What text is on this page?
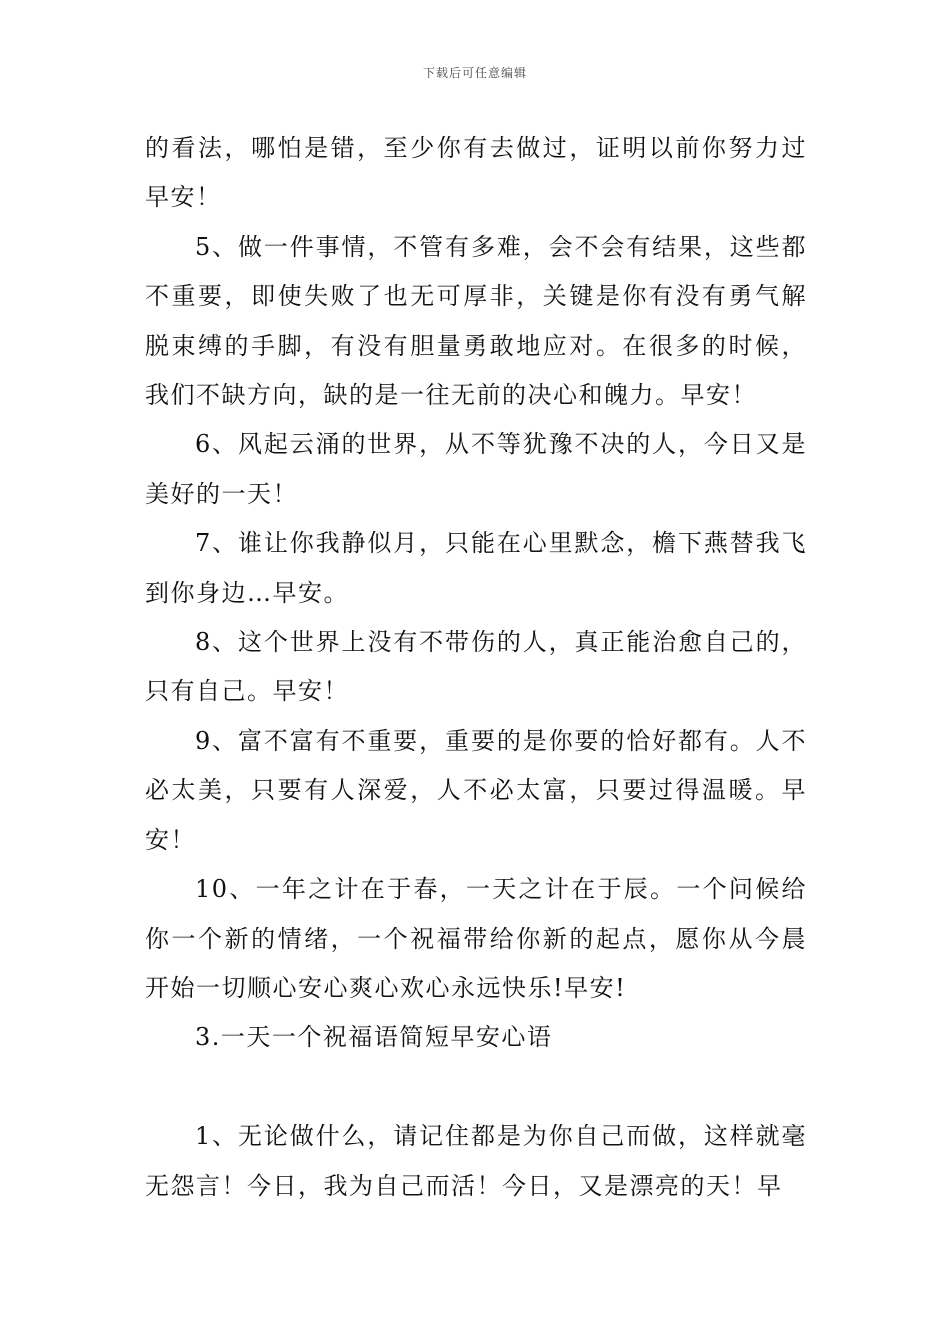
下载后可任意编辑

的看法，哪怕是错，至少你有去做过，证明以前你努力过早安！

5、做一件事情，不管有多难，会不会有结果，这些都不重要，即使失败了也无可厚非，关键是你有没有勇气解脱束缚的手脚，有没有胆量勇敢地应对。在很多的时候，我们不缺方向，缺的是一往无前的决心和魄力。早安！

6、风起云涌的世界，从不等犹豫不决的人，今日又是美好的一天！

7、谁让你我静似月，只能在心里默念，檐下燕替我飞到你身边…早安。

8、这个世界上没有不带伤的人，真正能治愈自己的，只有自己。早安！

9、富不富有不重要，重要的是你要的恰好都有。人不必太美，只要有人深爱，人不必太富，只要过得温暖。早安！

10、一年之计在于春，一天之计在于辰。一个问候给你一个新的情绪，一个祝福带给你新的起点，愿你从今晨开始一切顺心安心爽心欢心永远快乐!早安!

3.一天一个祝福语简短早安心语

1、无论做什么，请记住都是为你自己而做，这样就毫无怨言！今日，我为自己而活！今日，又是漂亮的天！早
